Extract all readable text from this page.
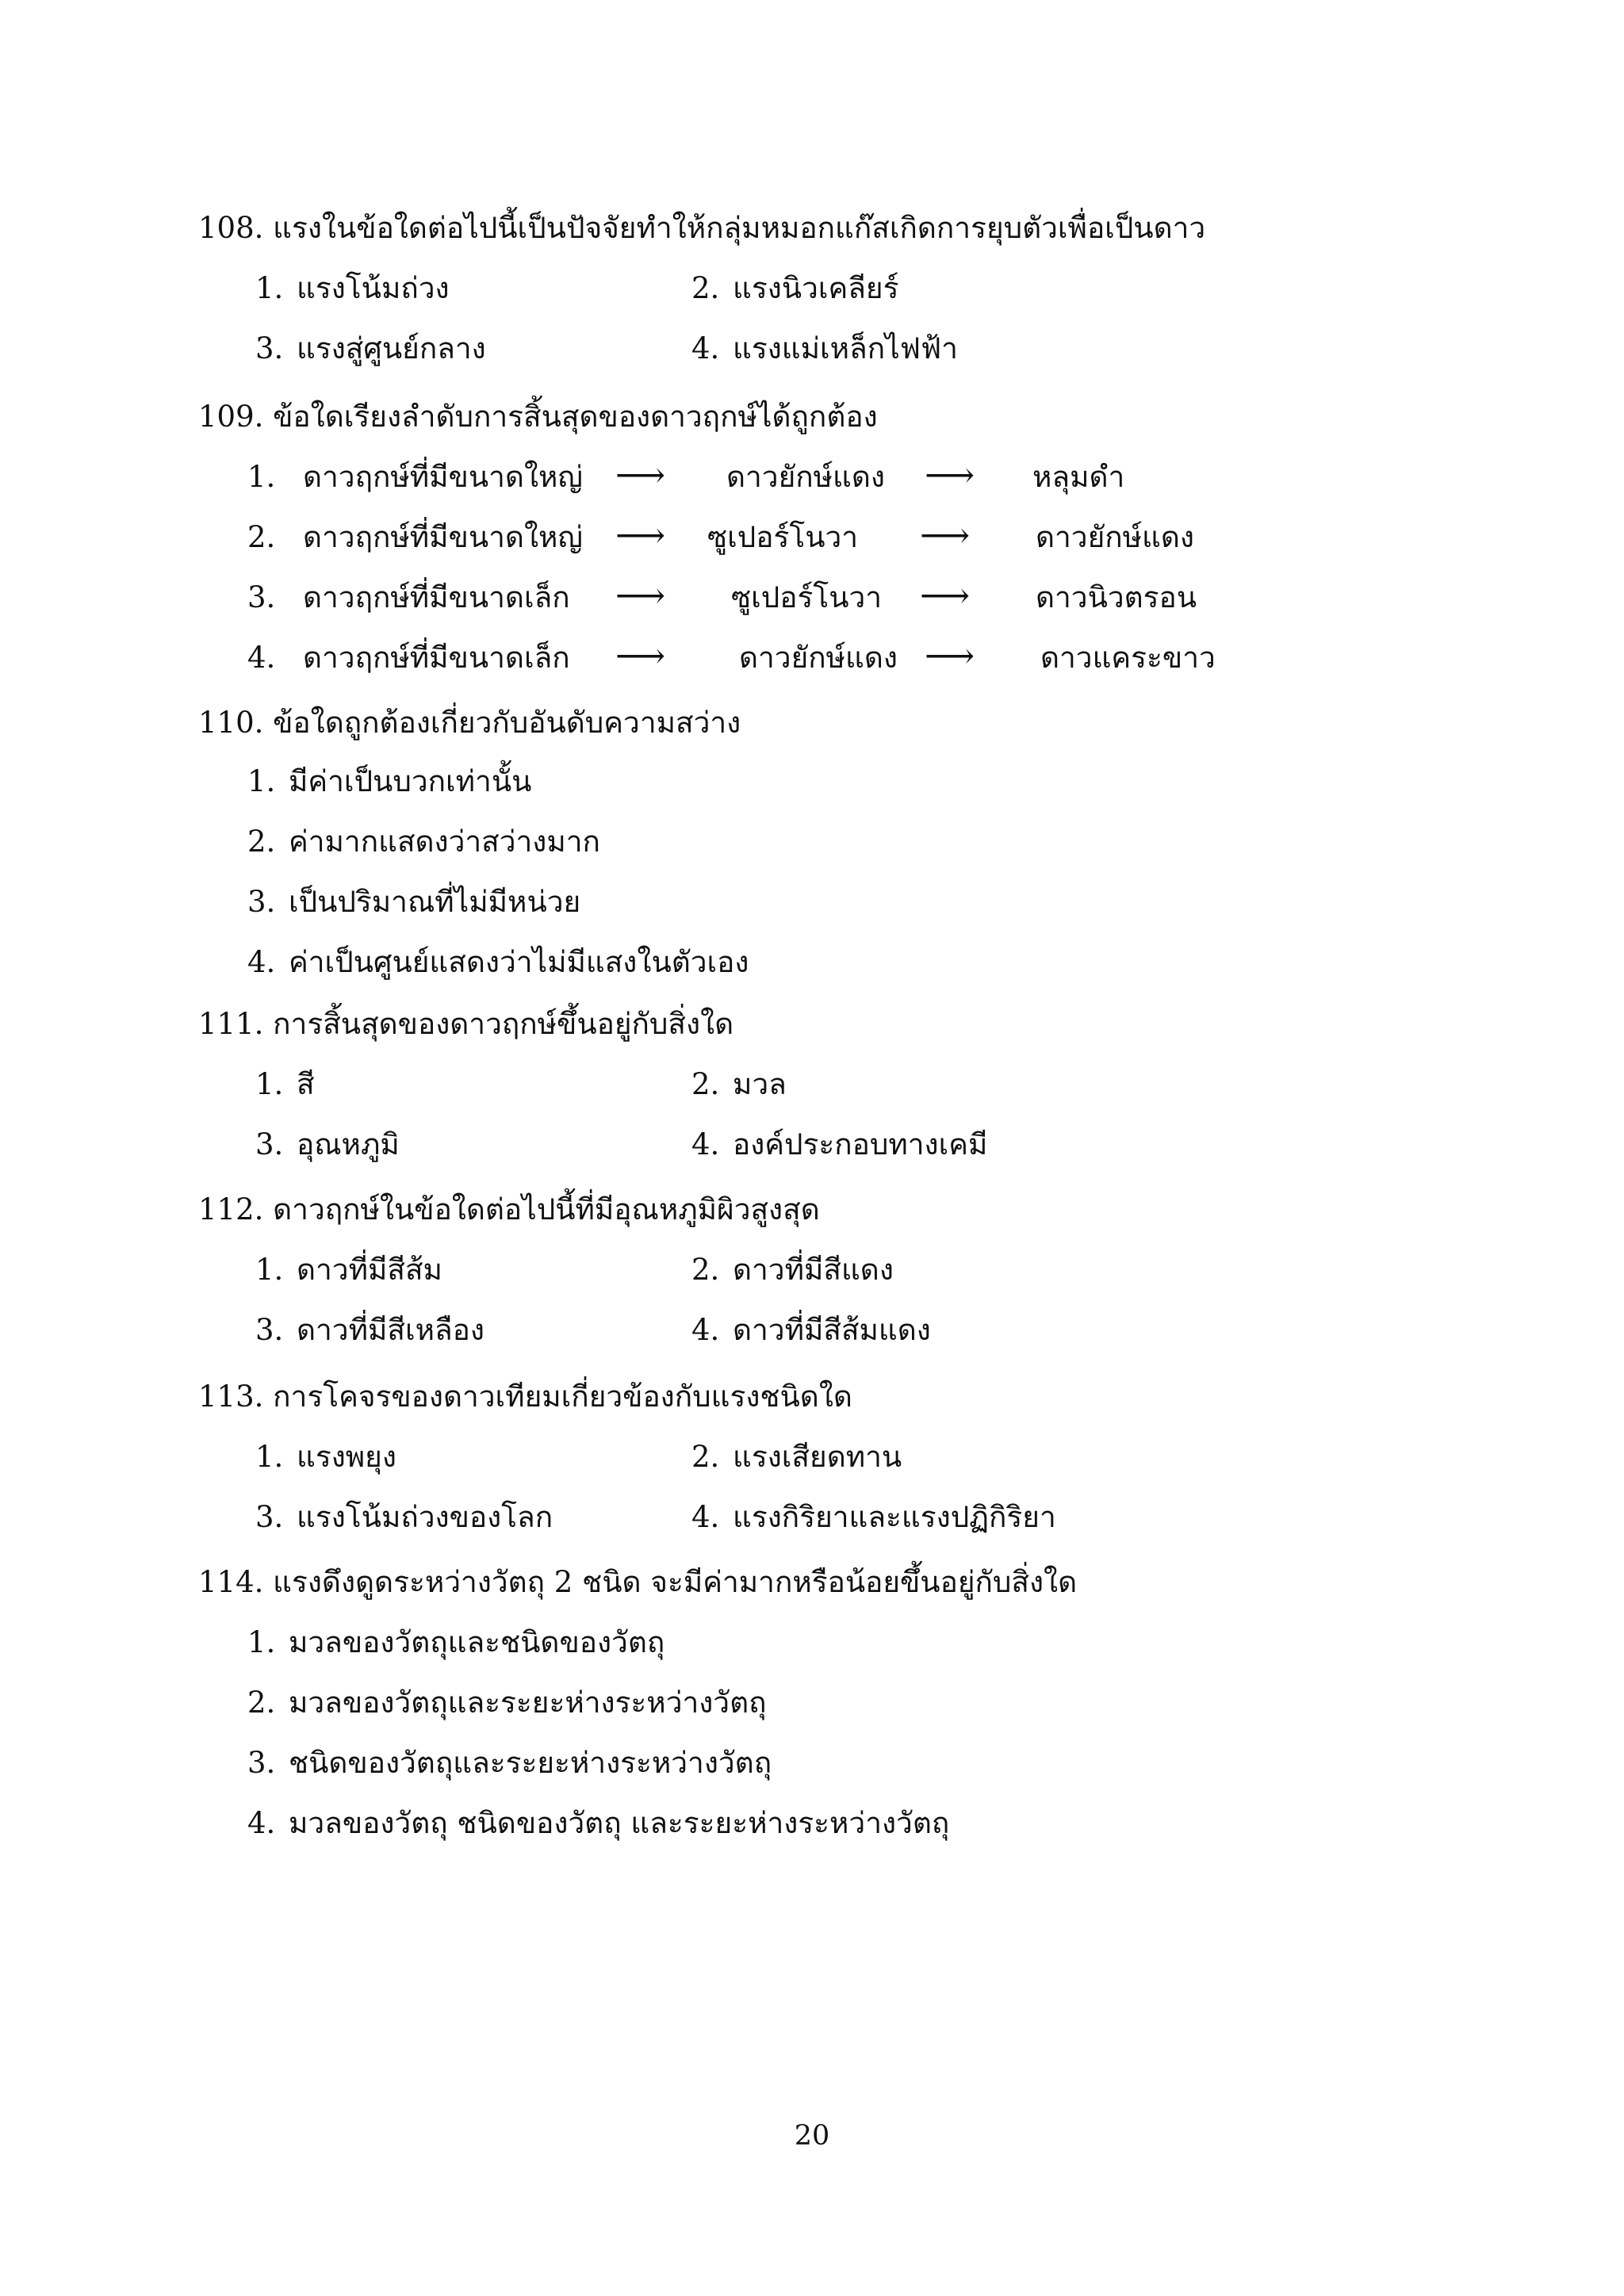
108. แรงในข้อใดต่อไปนี้เป็นปัจจัยทำให้กลุ่มหมอกแก๊สเกิดการยุบตัวเพื่อเป็นดาว
1. แรงโน้มถ่วง	2. แรงนิวเคลียร์
3. แรงสู่ศูนย์กลาง	4. แรงแม่เหล็กไฟฟ้า
109. ข้อใดเรียงลำดับการสิ้นสุดของดาวฤกษ์ได้ถูกต้อง
1. ดาวฤกษ์ที่มีขนาดใหญ่ ⟶ ดาวยักษ์แดง ⟶ หลุมดำ
2. ดาวฤกษ์ที่มีขนาดใหญ่ ⟶ ซูเปอร์โนวา ⟶ ดาวยักษ์แดง
3. ดาวฤกษ์ที่มีขนาดเล็ก ⟶ ซูเปอร์โนวา ⟶ ดาวนิวตรอน
4. ดาวฤกษ์ที่มีขนาดเล็ก ⟶	ดาวยักษ์แดง ⟶ ดาวแคระขาว
110. ข้อใดถูกต้องเกี่ยวกับอันดับความสว่าง
1. มีค่าเป็นบวกเท่านั้น
2. ค่ามากแสดงว่าสว่างมาก
3. เป็นปริมาณที่ไม่มีหน่วย
4. ค่าเป็นศูนย์แสดงว่าไม่มีแสงในตัวเอง
111. การสิ้นสุดของดาวฤกษ์ขึ้นอยู่กับสิ่งใด
1. สี	2. มวล
3. อุณหภูมิ	4. องค์ประกอบทางเคมี
112. ดาวฤกษ์ในข้อใดต่อไปนี้ที่มีอุณหภูมิผิวสูงสุด
1. ดาวที่มีสีส้ม	2. ดาวที่มีสีแดง
3. ดาวที่มีสีเหลือง	4. ดาวที่มีสีส้มแดง
113. การโคจรของดาวเทียมเกี่ยวข้องกับแรงชนิดใด
1. แรงพยุง	2. แรงเสียดทาน
3. แรงโน้มถ่วงของโลก	4. แรงกิริยาและแรงปฏิกิริยา
114. แรงดึงดูดระหว่างวัตถุ 2 ชนิด จะมีค่ามากหรือน้อยขึ้นอยู่กับสิ่งใด
1. มวลของวัตถุและชนิดของวัตถุ
2. มวลของวัตถุและระยะห่างระหว่างวัตถุ
3. ชนิดของวัตถุและระยะห่างระหว่างวัตถุ
4. มวลของวัตถุ ชนิดของวัตถุ และระยะห่างระหว่างวัตถุ
20
